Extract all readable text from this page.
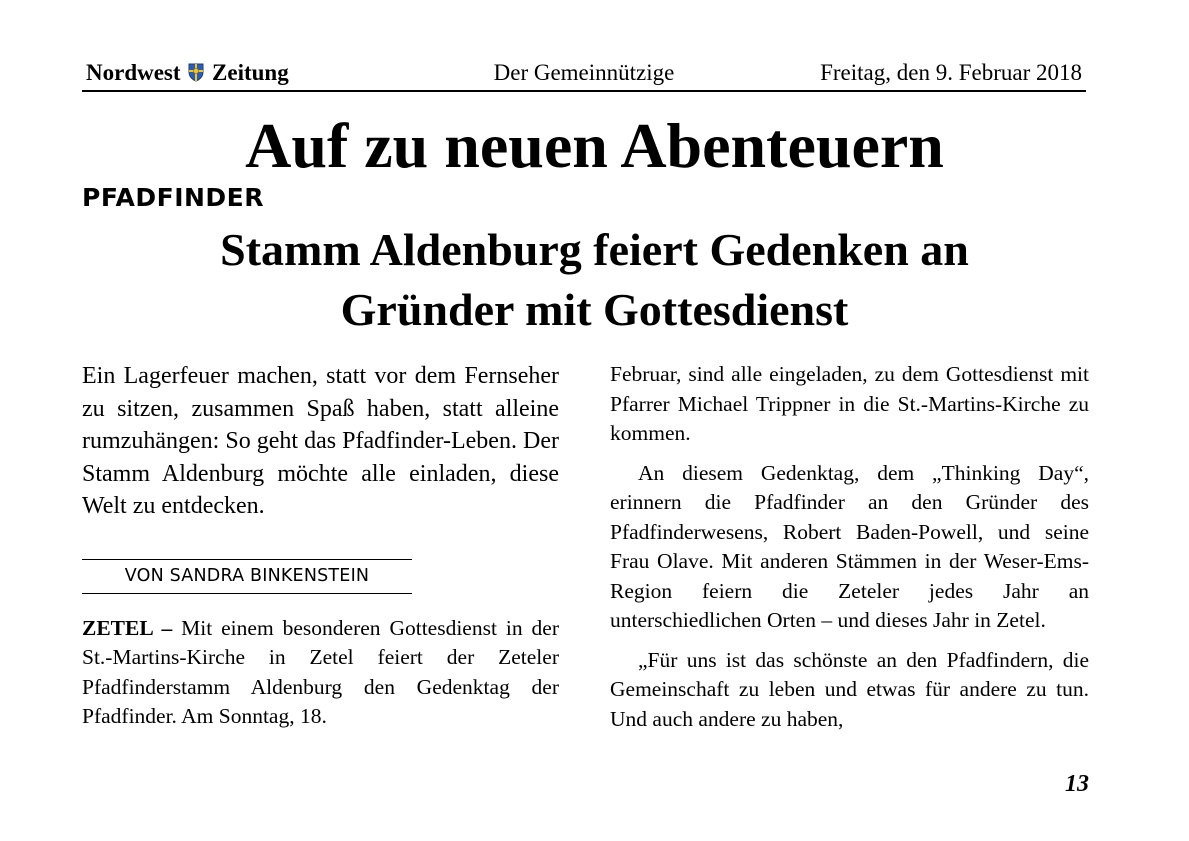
Nordwest Zeitung	Der Gemeinnützige	Freitag, den 9. Februar 2018
Auf zu neuen Abenteuern
PFADFINDER
Stamm Aldenburg feiert Gedenken an
Gründer mit Gottesdienst

Ein Lagerfeuer machen, statt vor dem Fernseher zu sitzen, zusammen Spaß haben, statt alleine rumzuhängen: So geht das Pfadfinder-Leben. Der Stamm Aldenburg möchte alle einladen, diese Welt zu entdecken.

VON SANDRA BINKENSTEIN

ZETEL – Mit einem besonderen Gottesdienst in der St.-Martins-Kirche in Zetel feiert der Zeteler Pfadfinderstamm Aldenburg den Gedenktag der Pfadfinder. Am Sonntag, 18.

Februar, sind alle eingeladen, zu dem Gottesdienst mit Pfarrer Michael Trippner in die St.-Martins-Kirche zu kommen.

An diesem Gedenktag, dem „Thinking Day“, erinnern die Pfadfinder an den Gründer des Pfadfinderwesens, Robert Baden-Powell, und seine Frau Olave. Mit anderen Stämmen in der Weser-Ems-Region feiern die Zeteler jedes Jahr an unterschiedlichen Orten – und dieses Jahr in Zetel.

„Für uns ist das schönste an den Pfadfindern, die Gemeinschaft zu leben und etwas für andere zu tun. Und auch andere zu haben,

13
